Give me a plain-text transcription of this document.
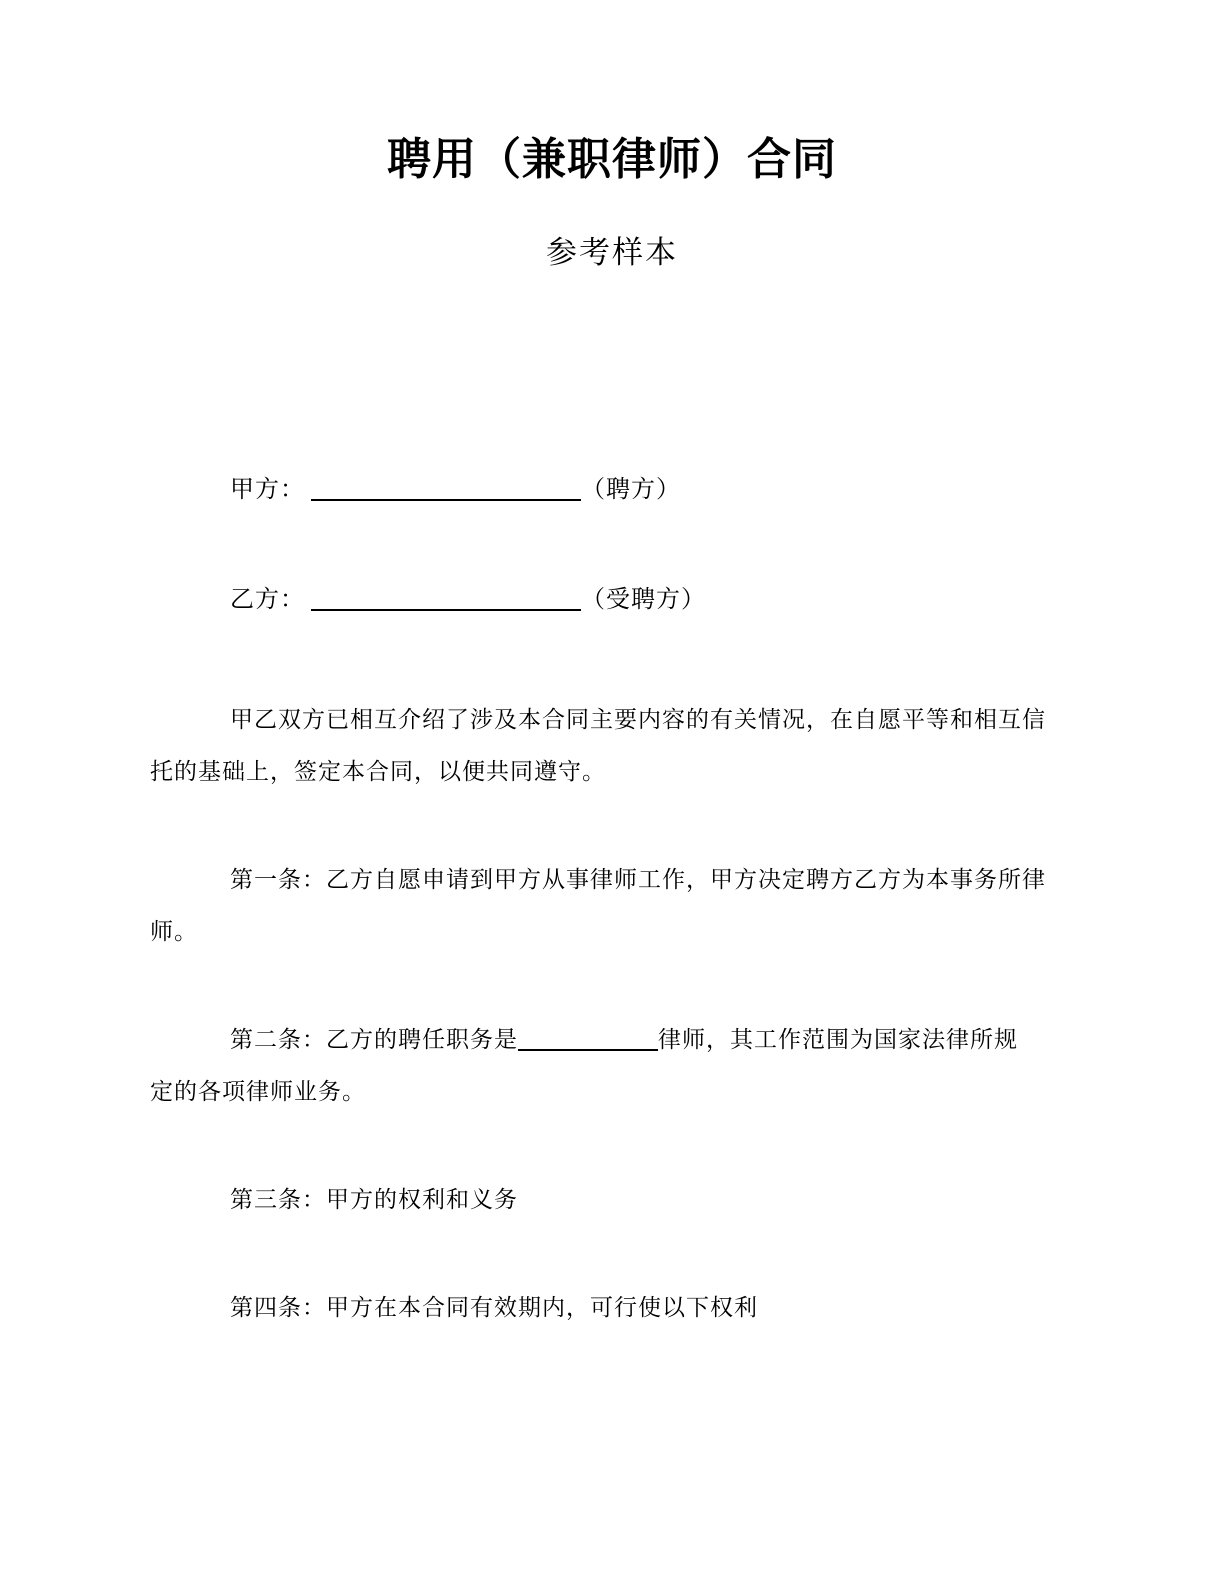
聘用（兼职律师）合同
参考样本
甲方：	（聘方）
乙方：	（受聘方）

甲乙双方已相互介绍了涉及本合同主要内容的有关情况，在自愿平等和相互信
托的基础上，签定本合同，以便共同遵守。

第一条：乙方自愿申请到甲方从事律师工作，甲方决定聘方乙方为本事务所律
师。

第二条：乙方的聘任职务是	律师，其工作范围为国家法律所规
定的各项律师业务。

第三条：甲方的权利和义务

第四条：甲方在本合同有效期内，可行使以下权利
